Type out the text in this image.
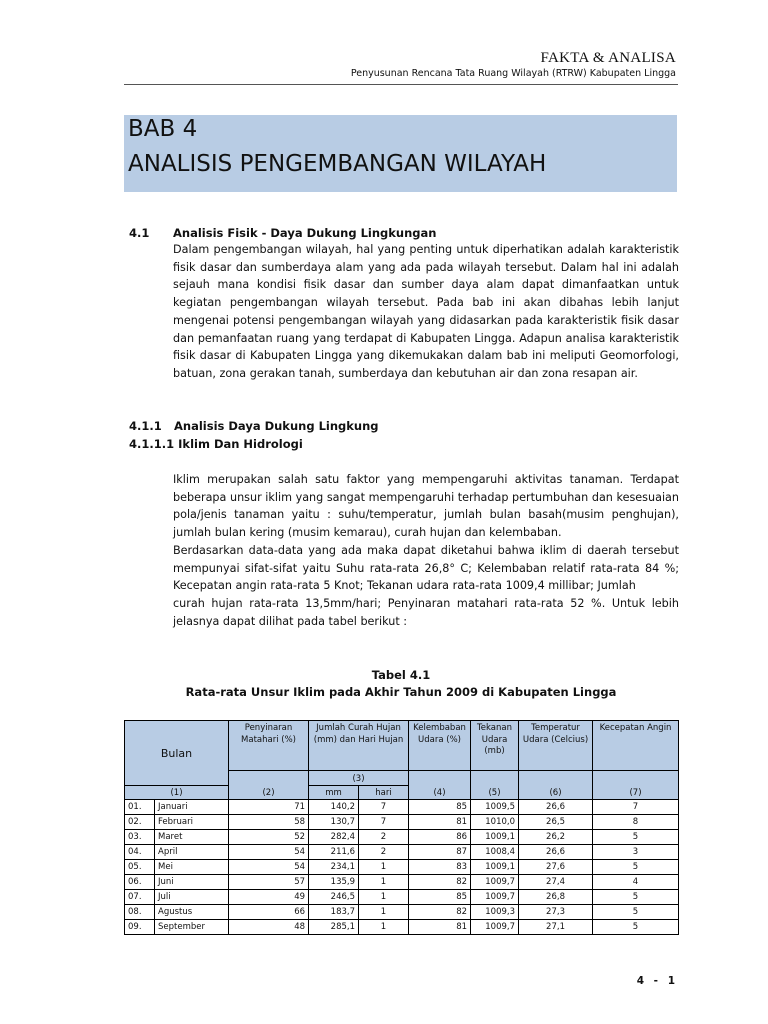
FAKTA & ANALISA
Penyusunan Rencana Tata Ruang Wilayah (RTRW) Kabupaten Lingga
BAB 4
ANALISIS PENGEMBANGAN WILAYAH
4.1 Analisis Fisik - Daya Dukung Lingkungan

Dalam pengembangan wilayah, hal yang penting untuk diperhatikan adalah karakteristik fisik dasar dan sumberdaya alam yang ada pada wilayah tersebut. Dalam hal ini adalah sejauh mana kondisi fisik dasar dan sumber daya alam dapat dimanfaatkan untuk kegiatan pengembangan wilayah tersebut. Pada bab ini akan dibahas lebih lanjut mengenai potensi pengembangan wilayah yang didasarkan pada karakteristik fisik dasar dan pemanfaatan ruang yang terdapat di Kabupaten Lingga. Adapun analisa karakteristik fisik dasar di Kabupaten Lingga yang dikemukakan dalam bab ini meliputi Geomorfologi, batuan, zona gerakan tanah, sumberdaya dan kebutuhan air dan zona resapan air.

4.1.1 Analisis Daya Dukung Lingkung
4.1.1.1 Iklim Dan Hidrologi

Iklim merupakan salah satu faktor yang mempengaruhi aktivitas tanaman. Terdapat beberapa unsur iklim yang sangat mempengaruhi terhadap pertumbuhan dan kesesuaian pola/jenis tanaman yaitu : suhu/temperatur, jumlah bulan basah(musim penghujan), jumlah bulan kering (musim kemarau), curah hujan dan kelembaban.

Berdasarkan data-data yang ada maka dapat diketahui bahwa iklim di daerah tersebut mempunyai sifat-sifat yaitu Suhu rata-rata 26,8° C; Kelembaban relatif rata-rata 84 %; Kecepatan angin rata-rata 5 Knot; Tekanan udara rata-rata 1009,4 millibar; Jumlah

curah hujan rata-rata 13,5mm/hari; Penyinaran matahari rata-rata 52 %. Untuk lebih jelasnya dapat dilihat pada tabel berikut :

Tabel 4.1
Rata-rata Unsur Iklim pada Akhir Tahun 2009 di Kabupaten Lingga
Bulan		Penyinaran Matahari (%)	Jumlah Curah Hujan (mm) dan Hari Hujan		Kelembaban Udara (%)	Tekanan Udara (mb)	Temperatur Udara (Celcius)	Kecepatan Angin
		(2)	(3)		(4)	(5)	(6)	(7)
(1)			mm	hari				
01.	Januari	71	140,2	7	85	1009,5	26,6	7
02.	Februari	58	130,7	7	81	1010,0	26,5	8
03.	Maret	52	282,4	2	86	1009,1	26,2	5
04.	April	54	211,6	2	87	1008,4	26,6	3
05.	Mei	54	234,1	1	83	1009,1	27,6	5
06.	Juni	57	135,9	1	82	1009,7	27,4	4
07.	Juli	49	246,5	1	85	1009,7	26,8	5
08.	Agustus	66	183,7	1	82	1009,3	27,3	5
09.	September	48	285,1	1	81	1009,7	27,1	5
4 - 1
